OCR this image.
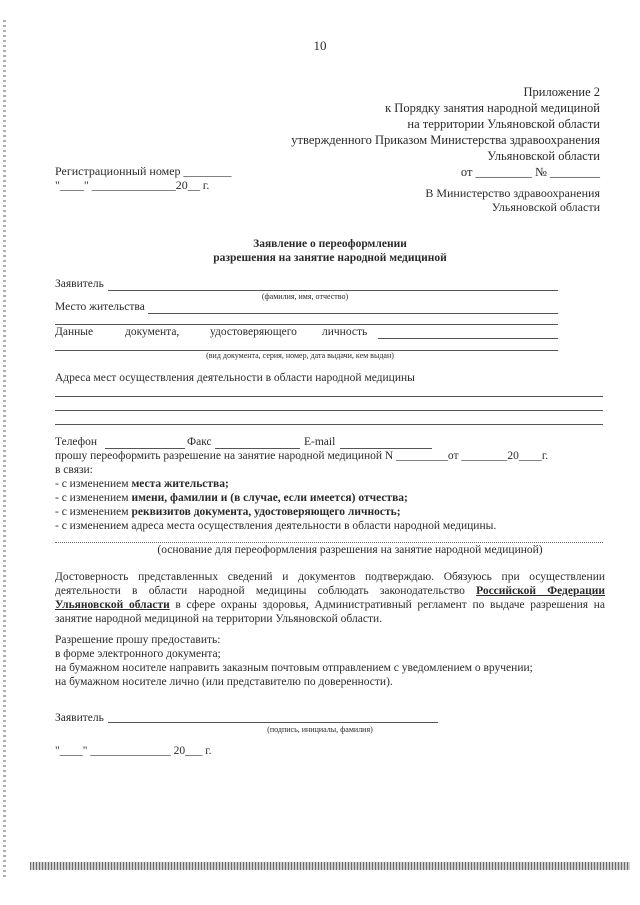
10
Приложение 2
к Порядку занятия народной медициной
на территории Ульяновской области
утвержденного Приказом Министерства здравоохранения
Ульяновской области
от _________ № ________
Регистрационный номер ________
"____" ______________20__ г.
В Министерство здравоохранения
Ульяновской области
Заявление о переоформлении
разрешения на занятие народной медициной
Заявитель
(фамилия, имя, отчество)
Место жительства
Данные	документа,	удостоверяющего личность
(вид документа, серия, номер, дата выдачи, кем выдан)
Адреса мест осуществления деятельности в области народной медицины
Телефон	Факс	E-mail
прошу переоформить разрешение на занятие народной медициной N _________от ________20____г.
в связи:
- с изменением места жительства;
- с изменением имени, фамилии и (в случае, если имеется) отчества;
- с изменением реквизитов документа, удостоверяющего личность;
- с изменением адреса места осуществления деятельности в области народной медицины.
(основание для переоформления разрешения на занятие народной медициной)
Достоверность представленных сведений и документов подтверждаю. Обязуюсь при осуществлении деятельности в области народной медицины соблюдать законодательство Российской Федерации Ульяновской области в сфере охраны здоровья, Административный регламент по выдаче разрешения на занятие народной медициной на территории Ульяновской области.
Разрешение прошу предоставить:
в форме электронного документа;
на бумажном носителе направить заказным почтовым отправлением с уведомлением о вручении;
на бумажном носителе лично (или представителю по доверенности).
Заявитель
(подпись, инициалы, фамилия)
"____" ______________ 20___ г.
